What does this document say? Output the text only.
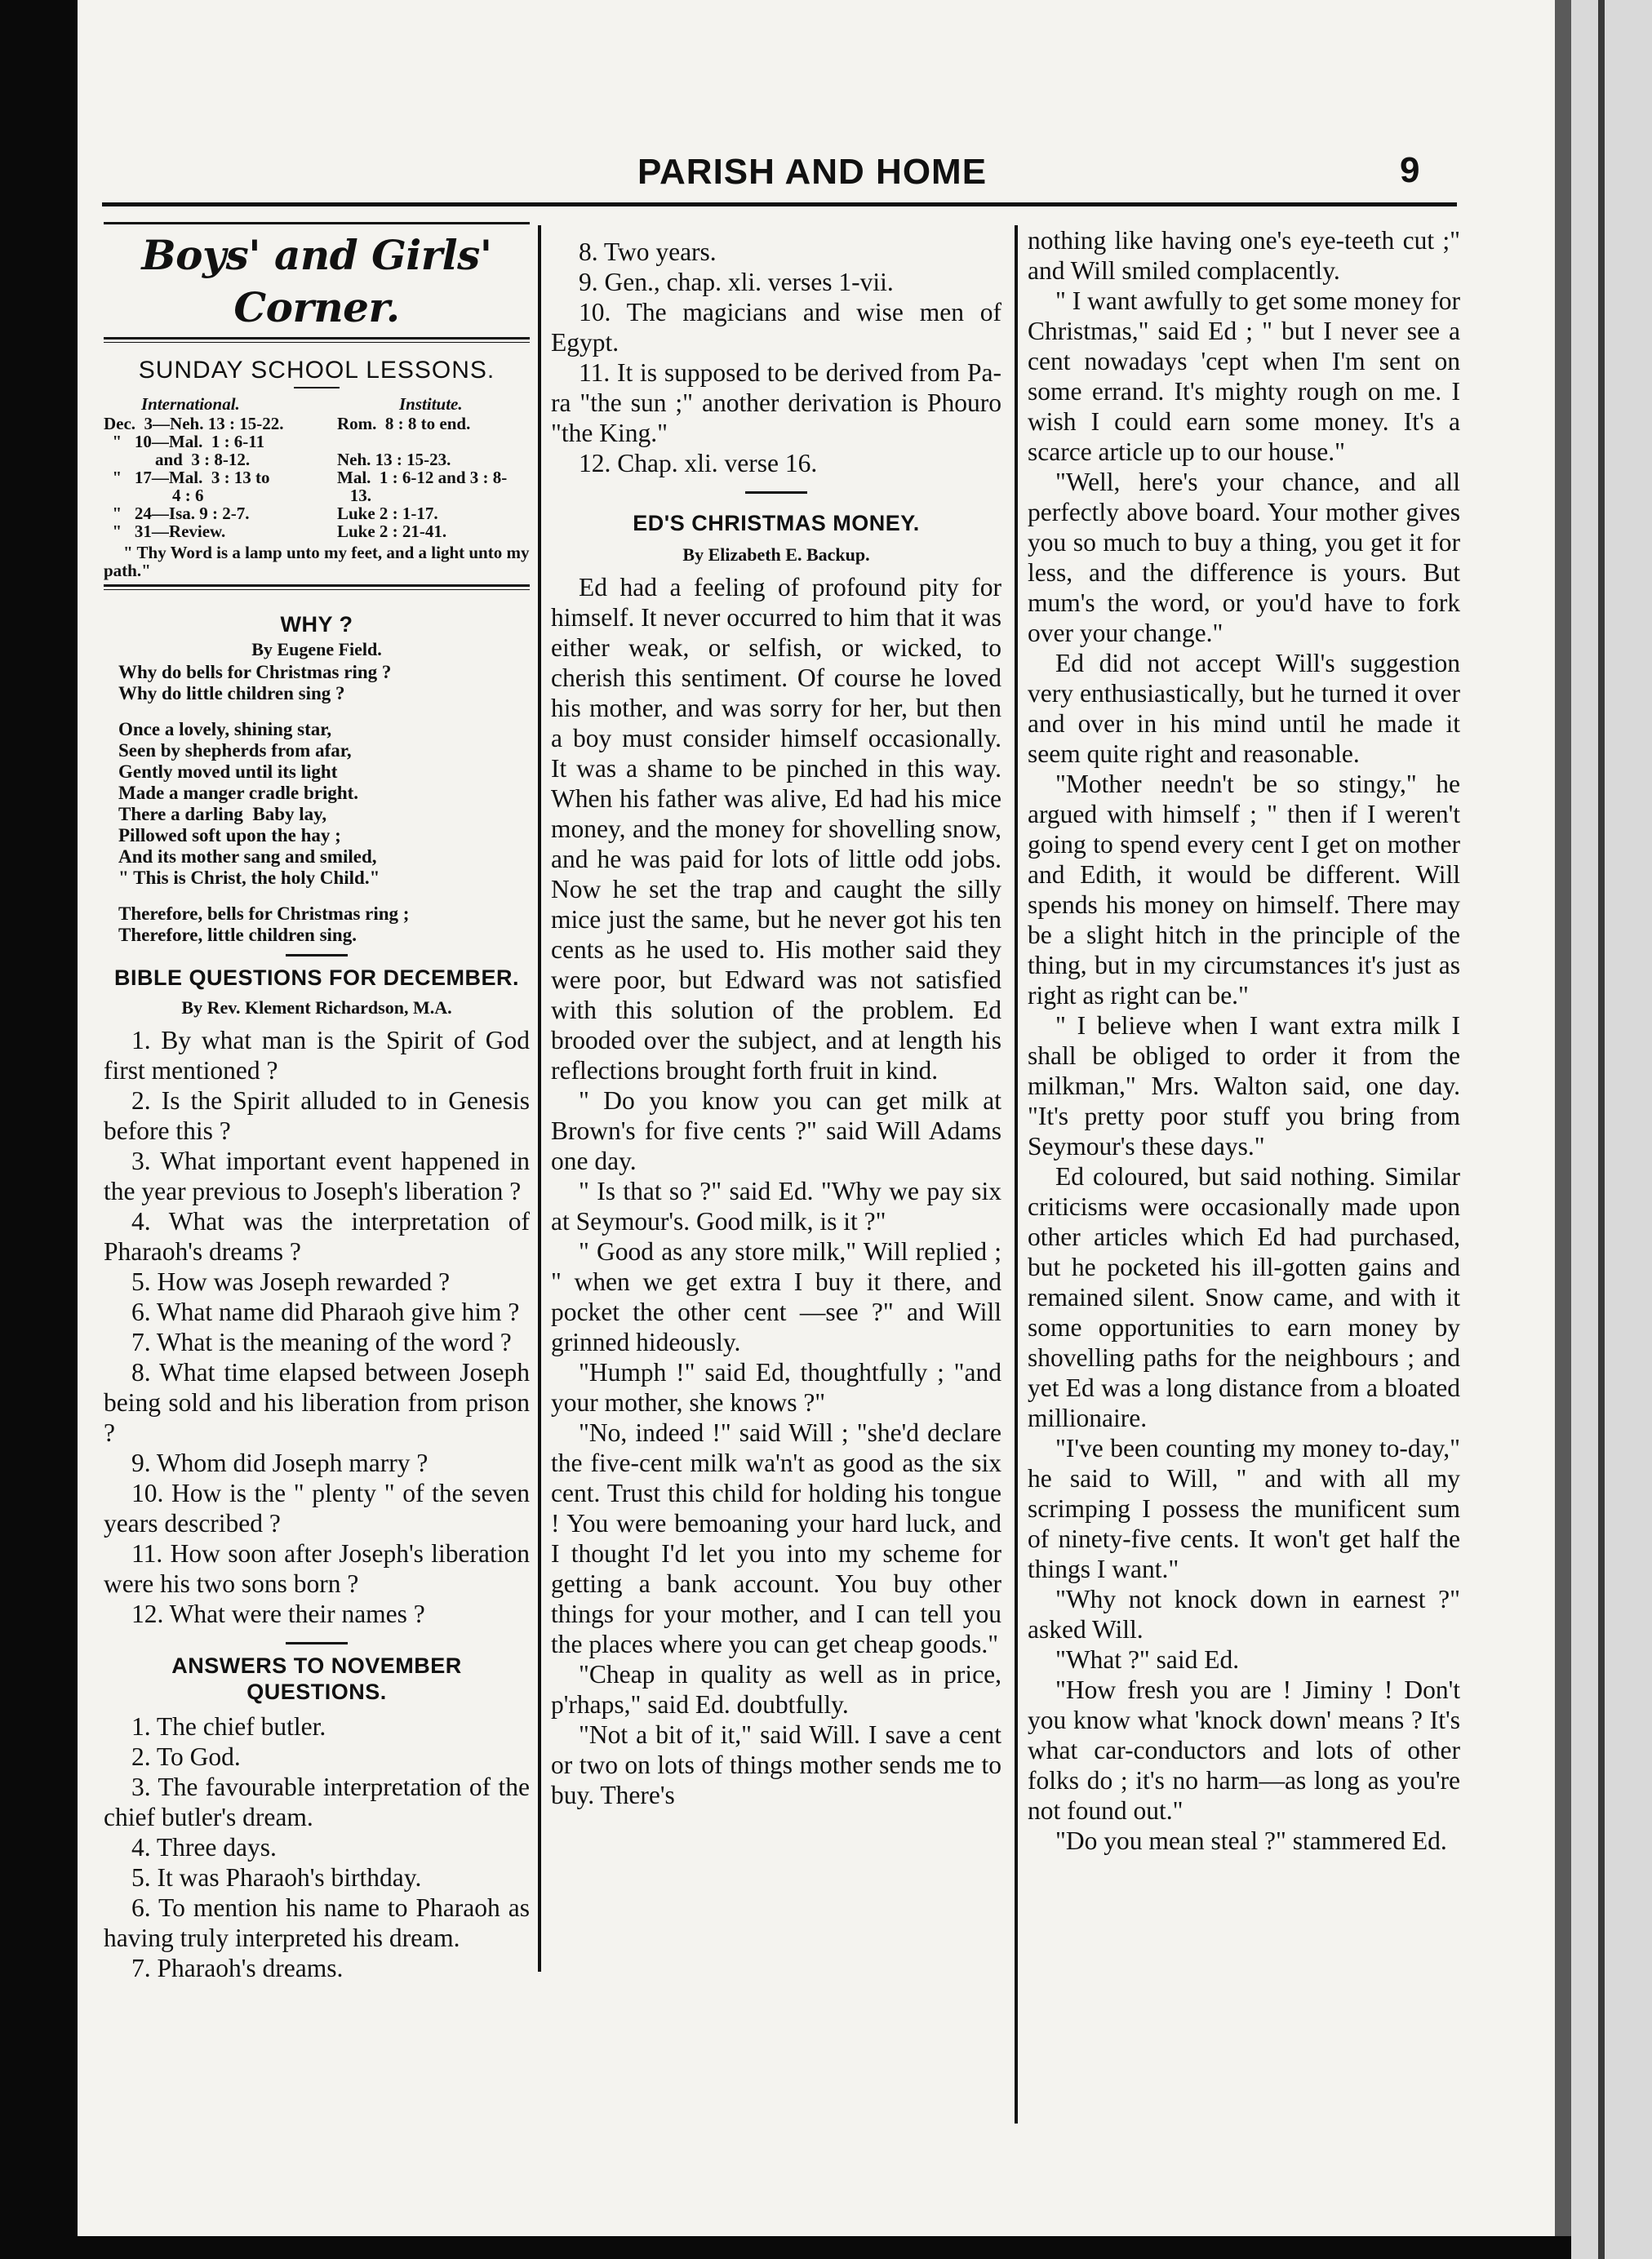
PARISH AND HOME	9
Boys' and Girls' Corner.
SUNDAY SCHOOL LESSONS.
International.	Institute.
Dec.  3—Neh. 13 : 15-22.	Rom.  8 : 8 to end.
"   10—Mal.  1 : 6-11
and  3 : 8-12.	Neh. 13 : 15-23.
"   17—Mal.  3 : 13 to	Mal.  1 : 6-12 and 3 : 8-
4 : 6	13.
"   24—Isa. 9 : 2-7.	Luke 2 : 1-17.
"   31—Review.	Luke 2 : 21-41.
" Thy Word is a lamp unto my feet, and a light unto my path."
WHY ?
By Eugene Field.
Why do bells for Christmas ring ?
Why do little children sing ?
Once a lovely, shining star,
Seen by shepherds from afar,
Gently moved until its light
Made a manger cradle bright.
There a darling  Baby lay,
Pillowed soft upon the hay ;
And its mother sang and smiled,
" This is Christ, the holy Child."
Therefore, bells for Christmas ring ;
Therefore, little children sing.
BIBLE QUESTIONS FOR DECEMBER.
By Rev. Klement Richardson, M.A.

1. By what man is the Spirit of God first mentioned ?

2. Is the Spirit alluded to in Genesis before this ?

3. What important event happened in the year previous to Joseph's liberation ?

4. What was the interpretation of Pharaoh's dreams ?

5. How was Joseph rewarded ?

6. What name did Pharaoh give him ?

7. What is the meaning of the word ?

8. What time elapsed between Joseph being sold and his liberation from prison ?

9. Whom did Joseph marry ?

10. How is the " plenty " of the seven years described ?

11. How soon after Joseph's liberation were his two sons born ?

12. What were their names ?

ANSWERS TO NOVEMBER QUESTIONS.

1. The chief butler.

2. To God.

3. The favourable interpretation of the chief butler's dream.

4. Three days.

5. It was Pharaoh's birthday.

6. To mention his name to Pharaoh as having truly interpreted his dream.

7. Pharaoh's dreams.

8. Two years.

9. Gen., chap. xli. verses 1-vii.

10. The magicians and wise men of Egypt.

11. It is supposed to be derived from Pa-ra "the sun ;" another derivation is Phouro "the King."

12. Chap. xli. verse 16.

ED'S CHRISTMAS MONEY.
By Elizabeth E. Backup.

Ed had a feeling of profound pity for himself. It never occurred to him that it was either weak, or selfish, or wicked, to cherish this sentiment. Of course he loved his mother, and was sorry for her, but then a boy must consider himself occasionally. It was a shame to be pinched in this way. When his father was alive, Ed had his mice money, and the money for shovelling snow, and he was paid for lots of little odd jobs. Now he set the trap and caught the silly mice just the same, but he never got his ten cents as he used to. His mother said they were poor, but Edward was not satisfied with this solution of the problem. Ed brooded over the subject, and at length his reflections brought forth fruit in kind.

" Do you know you can get milk at Brown's for five cents ?" said Will Adams one day.

" Is that so ?" said Ed. "Why we pay six at Seymour's. Good milk, is it ?"

" Good as any store milk," Will replied ; " when we get extra I buy it there, and pocket the other cent —see ?" and Will grinned hideously.

"Humph !" said Ed, thoughtfully ; "and your mother, she knows ?"

"No, indeed !" said Will ; "she'd declare the five-cent milk wa'n't as good as the six cent. Trust this child for holding his tongue ! You were bemoaning your hard luck, and I thought I'd let you into my scheme for getting a bank account. You buy other things for your mother, and I can tell you the places where you can get cheap goods."

"Cheap in quality as well as in price, p'rhaps," said Ed. doubtfully.

"Not a bit of it," said Will. I save a cent or two on lots of things mother sends me to buy. There's

nothing like having one's eye-teeth cut ;" and Will smiled complacently.

" I want awfully to get some money for Christmas," said Ed ; " but I never see a cent nowadays 'cept when I'm sent on some errand. It's mighty rough on me. I wish I could earn some money. It's a scarce article up to our house."

"Well, here's your chance, and all perfectly above board. Your mother gives you so much to buy a thing, you get it for less, and the difference is yours. But mum's the word, or you'd have to fork over your change."

Ed did not accept Will's suggestion very enthusiastically, but he turned it over and over in his mind until he made it seem quite right and reasonable.

"Mother needn't be so stingy," he argued with himself ; " then if I weren't going to spend every cent I get on mother and Edith, it would be different. Will spends his money on himself. There may be a slight hitch in the principle of the thing, but in my circumstances it's just as right as right can be."

" I believe when I want extra milk I shall be obliged to order it from the milkman," Mrs. Walton said, one day. "It's pretty poor stuff you bring from Seymour's these days."

Ed coloured, but said nothing. Similar criticisms were occasionally made upon other articles which Ed had purchased, but he pocketed his ill-gotten gains and remained silent. Snow came, and with it some opportunities to earn money by shovelling paths for the neighbours ; and yet Ed was a long distance from a bloated millionaire.

"I've been counting my money to-day," he said to Will, " and with all my scrimping I possess the munificent sum of ninety-five cents. It won't get half the things I want."

"Why not knock down in earnest ?" asked Will.

"What ?" said Ed.

"How fresh you are ! Jiminy ! Don't you know what 'knock down' means ? It's what car-conductors and lots of other folks do ; it's no harm—as long as you're not found out."

"Do you mean steal ?" stammered Ed.
